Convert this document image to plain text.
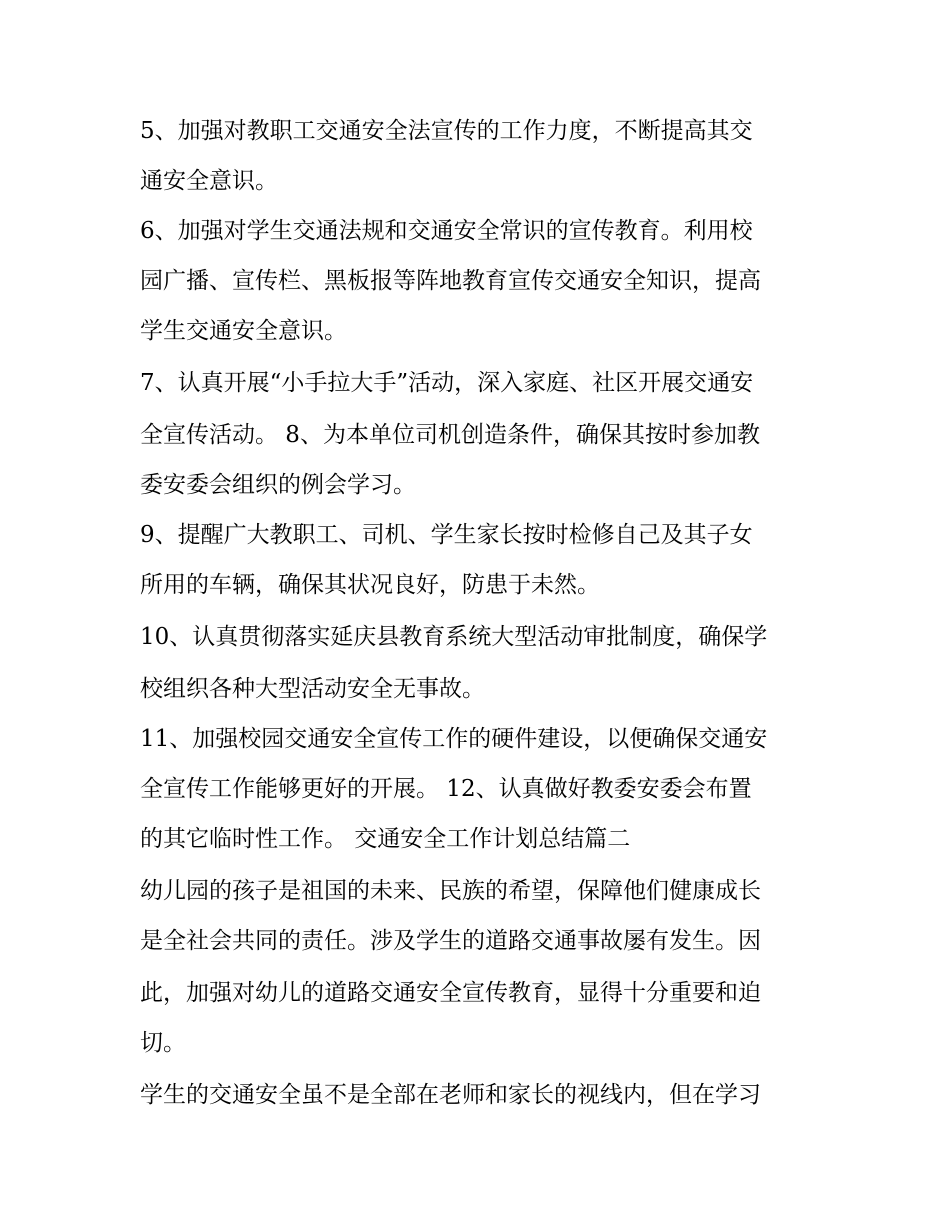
5、加强对教职工交通安全法宣传的工作力度，不断提高其交
通安全意识。
6、加强对学生交通法规和交通安全常识的宣传教育。利用校
园广播、宣传栏、黑板报等阵地教育宣传交通安全知识，提高
学生交通安全意识。
7、认真开展“小手拉大手”活动，深入家庭、社区开展交通安
全宣传活动。 8、为本单位司机创造条件，确保其按时参加教
委安委会组织的例会学习。
9、提醒广大教职工、司机、学生家长按时检修自己及其子女
所用的车辆，确保其状况良好，防患于未然。
10、认真贯彻落实延庆县教育系统大型活动审批制度，确保学
校组织各种大型活动安全无事故。
11、加强校园交通安全宣传工作的硬件建设，以便确保交通安
全宣传工作能够更好的开展。 12、认真做好教委安委会布置
的其它临时性工作。 交通安全工作计划总结篇二
幼儿园的孩子是祖国的未来、民族的希望，保障他们健康成长
是全社会共同的责任。涉及学生的道路交通事故屡有发生。因
此，加强对幼儿的道路交通安全宣传教育，显得十分重要和迫
切。
学生的交通安全虽不是全部在老师和家长的视线内，但在学习
